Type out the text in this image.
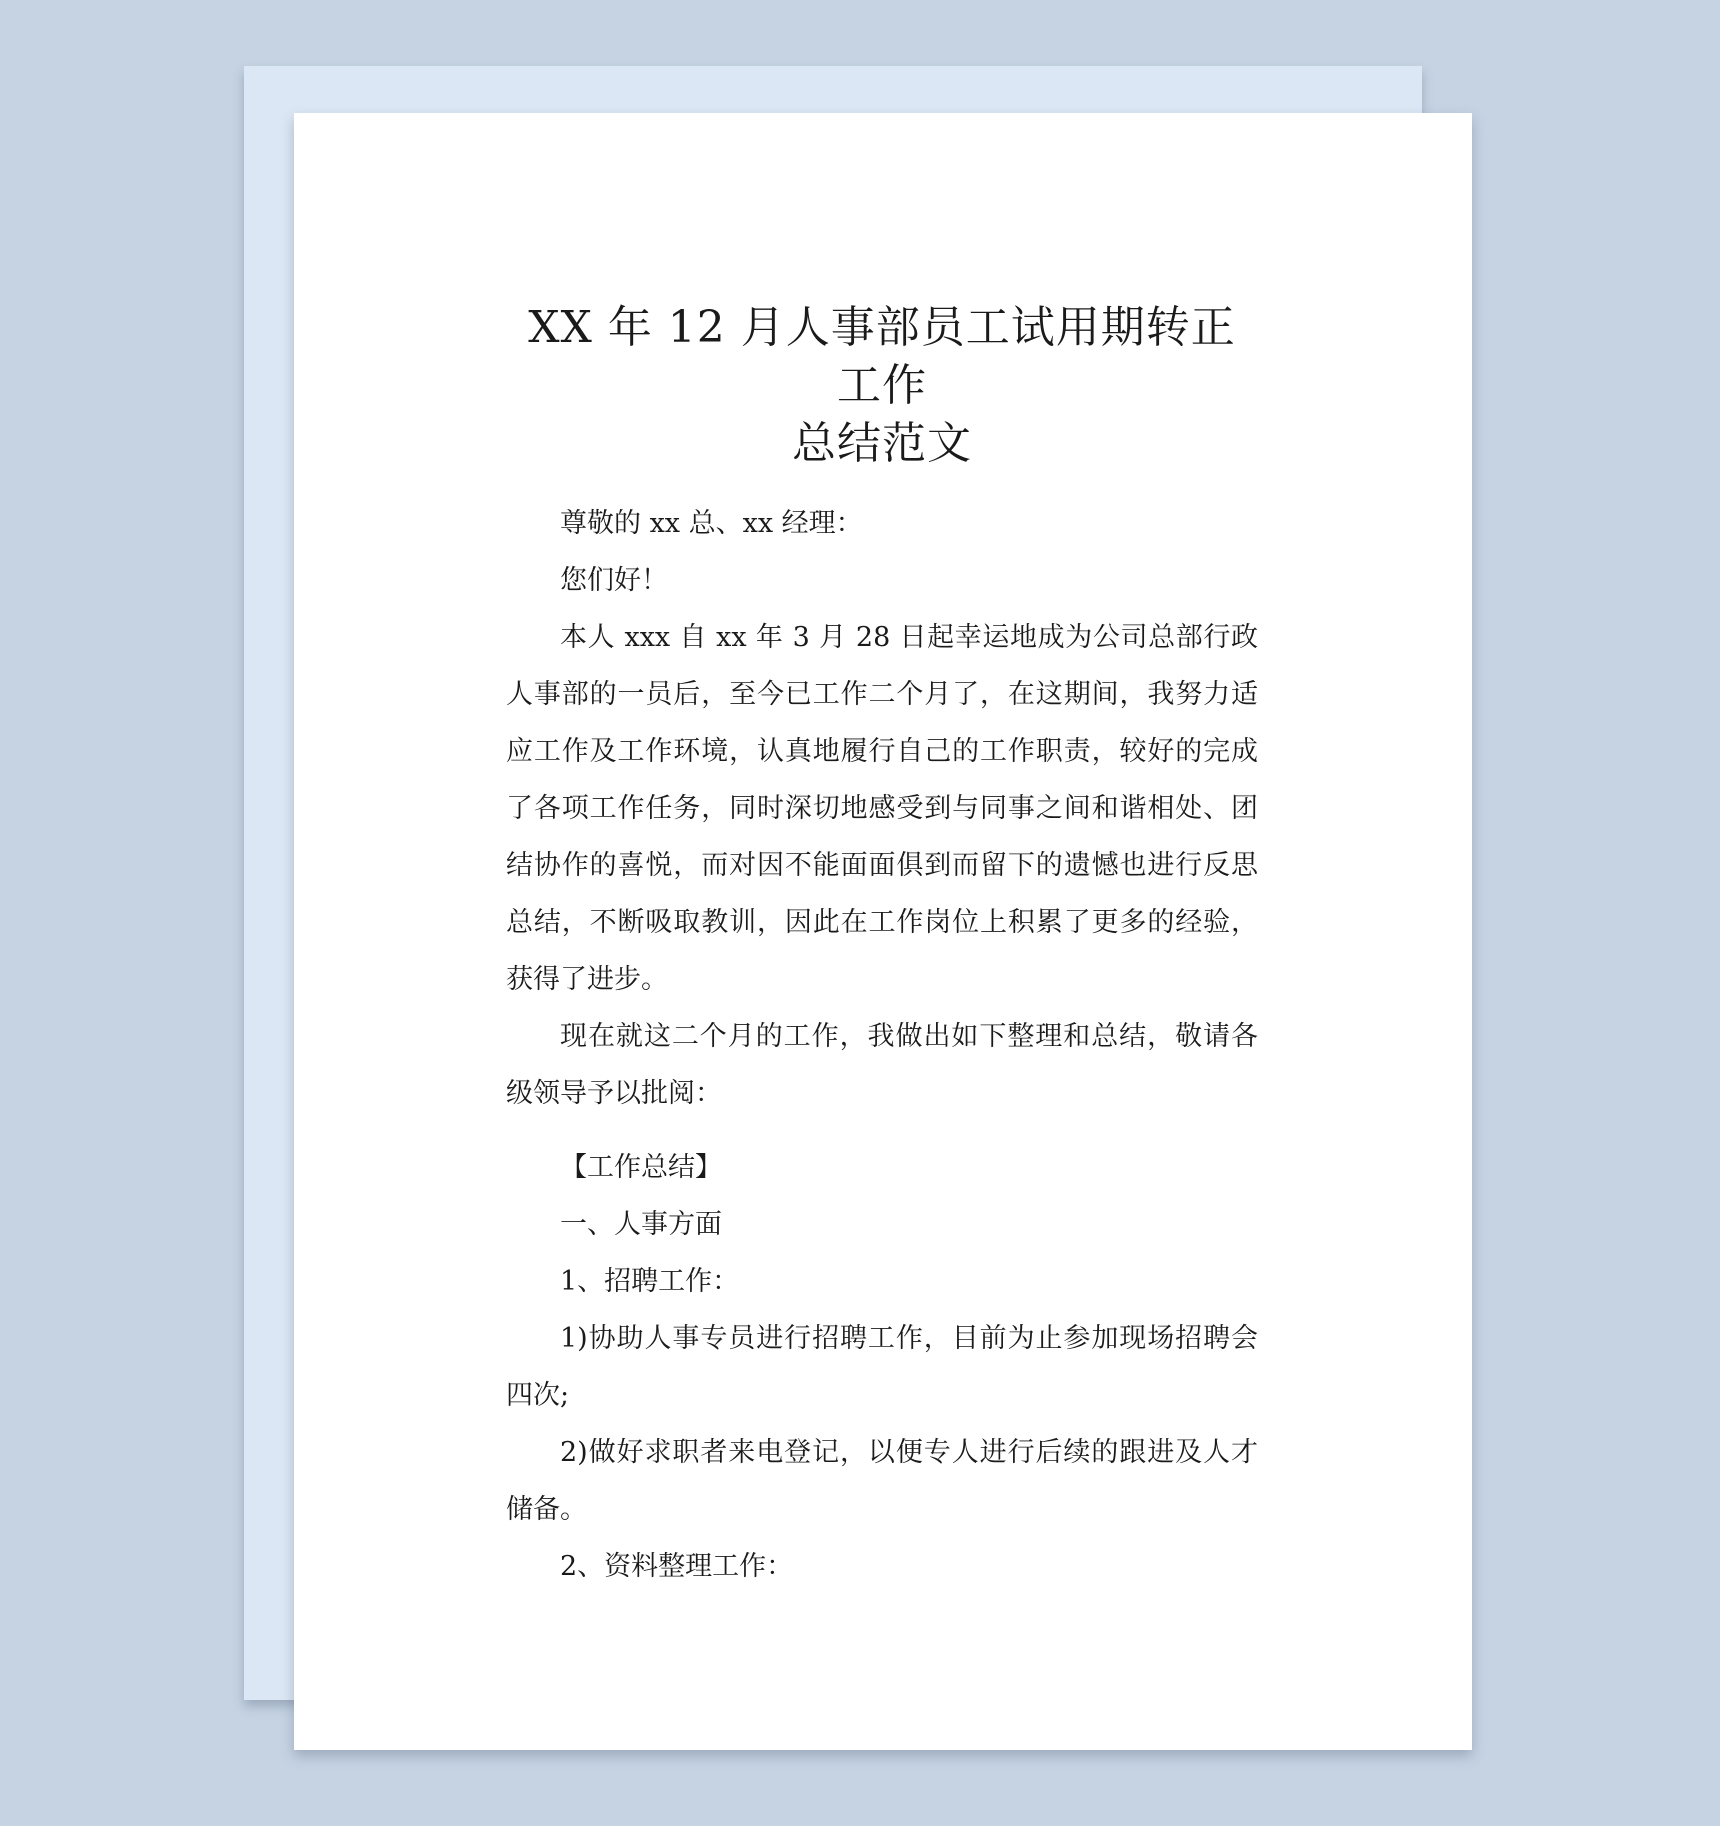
XX 年 12 月人事部员工试用期转正工作
总结范文

尊敬的 xx 总、xx 经理：

您们好！

本人 xxx 自 xx 年 3 月 28 日起幸运地成为公司总部行政人事部的一员后，至今已工作二个月了，在这期间，我努力适应工作及工作环境，认真地履行自己的工作职责，较好的完成了各项工作任务，同时深切地感受到与同事之间和谐相处、团结协作的喜悦，而对因不能面面俱到而留下的遗憾也进行反思总结，不断吸取教训，因此在工作岗位上积累了更多的经验，获得了进步。

现在就这二个月的工作，我做出如下整理和总结，敬请各级领导予以批阅：

【工作总结】

一、人事方面

1、招聘工作：

1)协助人事专员进行招聘工作，目前为止参加现场招聘会四次;

2)做好求职者来电登记，以便专人进行后续的跟进及人才储备。

2、资料整理工作：
